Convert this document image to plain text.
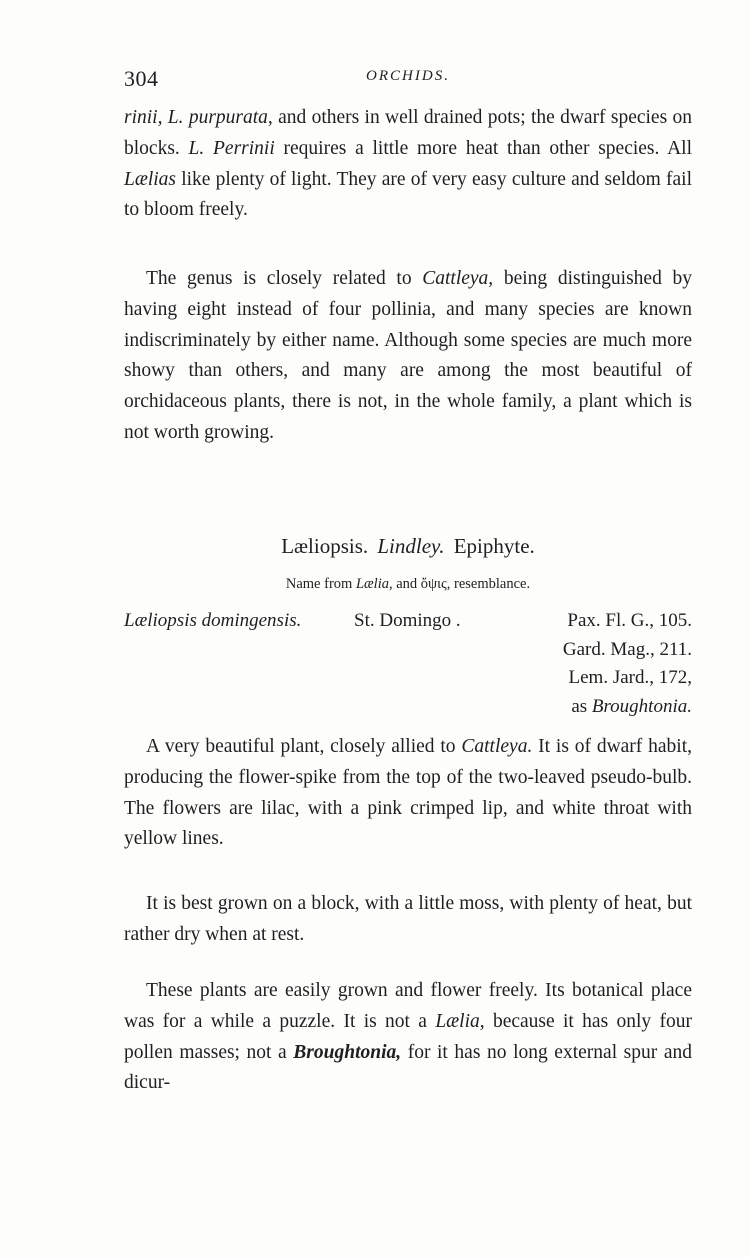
304	ORCHIDS.

rinii, L. purpurata, and others in well drained pots; the dwarf species on blocks. L. Perrinii requires a little more heat than other species. All Lælias like plenty of light. They are of very easy culture and seldom fail to bloom freely.

The genus is closely related to Cattleya, being distinguished by having eight instead of four pollinia, and many species are known indiscriminately by either name. Although some species are much more showy than others, and many are among the most beautiful of orchidaceous plants, there is not, in the whole family, a plant which is not worth growing.

Læliopsis. Lindley. Epiphyte.
Name from Lælia, and ὄψις, resemblance.
Læliopsis domingensis.	St. Domingo .	Pax. Fl. G., 105.
Gard. Mag., 211.
Lem. Jard., 172,
as Broughtonia.

A very beautiful plant, closely allied to Cattleya. It is of dwarf habit, producing the flower-spike from the top of the two-leaved pseudo-bulb. The flowers are lilac, with a pink crimped lip, and white throat with yellow lines.

It is best grown on a block, with a little moss, with plenty of heat, but rather dry when at rest.

These plants are easily grown and flower freely. Its botanical place was for a while a puzzle. It is not a Lælia, because it has only four pollen masses; not a Broughtonia, for it has no long external spur and dicur-
